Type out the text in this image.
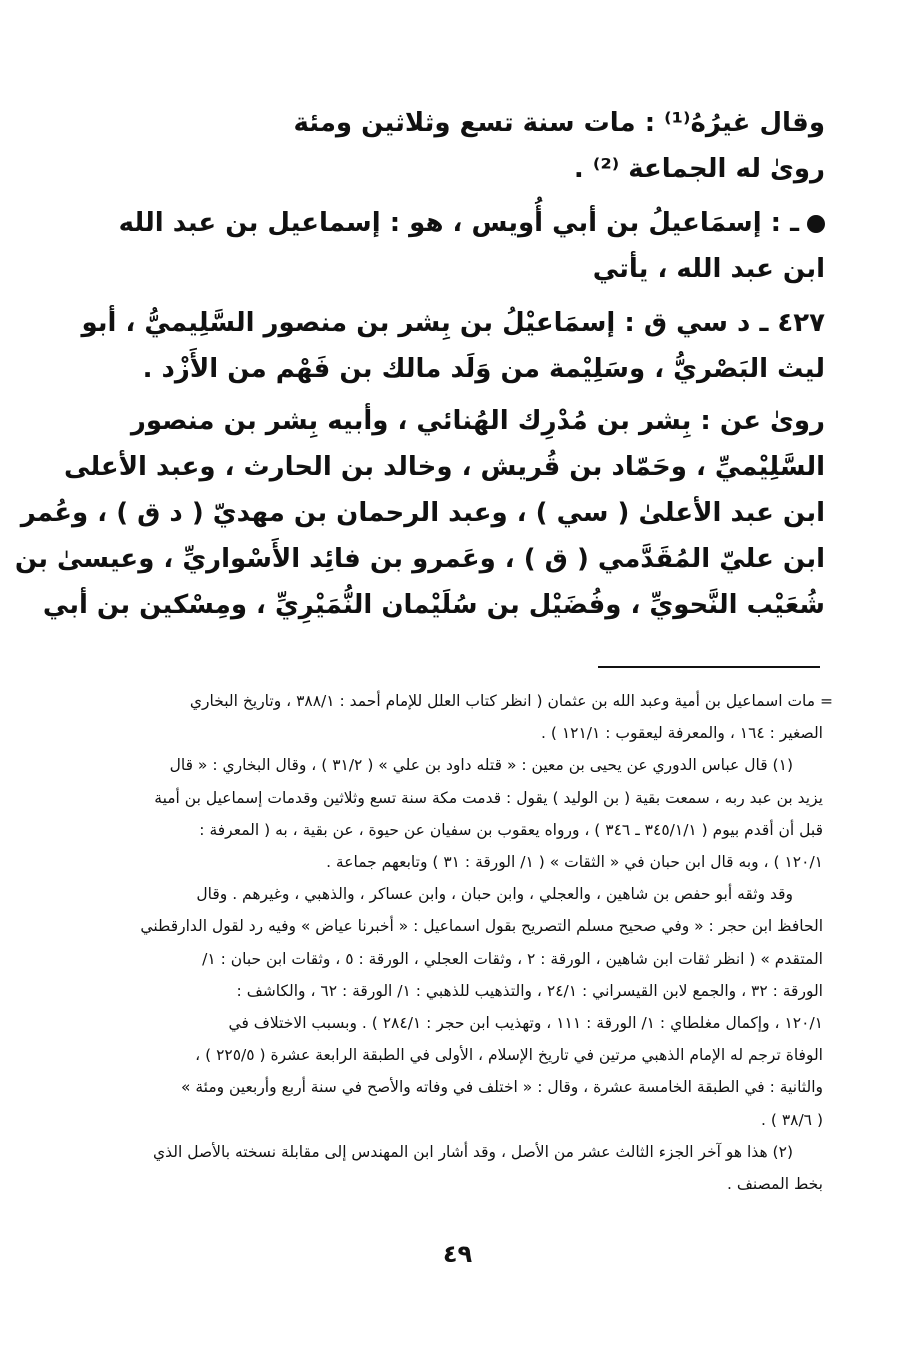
وقال غيرُهُ⁽¹⁾ : مات سنة تسع وثلاثين ومئة
روىٰ له الجماعة ⁽²⁾ .
ـ : إسمَاعيلُ بن أبي أُويس ، هو : إسماعيل بن عبد الله
ابن عبد الله ، يأتي
٤٢٧ ـ د سي ق : إسمَاعيْلُ بن بِشر بن منصور السَّلِيميُّ ، أبو
ليث البَصْريُّ ، وسَلِيْمة من وَلَد مالك بن فَهْم من الأَزْد .
روىٰ عن : بِشر بن مُدْرِك الهُنائي ، وأبيه بِشر بن منصور
السَّلِيْميِّ ، وحَمّاد بن قُريش ، وخالد بن الحارث ، وعبد الأعلى
ابن عبد الأعلىٰ ( سي ) ، وعبد الرحمان بن مهديّ ( د ق ) ، وعُمر
ابن عليّ المُقَدَّمي ( ق ) ، وعَمرو بن فائِد الأَسْواريِّ ، وعيسىٰ بن
شُعَيْب النَّحويِّ ، وفُضَيْل بن سُلَيْمان النُّمَيْرِيِّ ، ومِسْكين بن أبي
= مات اسماعيل بن أمية وعبد الله بن عثمان ( انظر كتاب العلل للإمام أحمد : ٣٨٨/١ ، وتاريخ البخاري
الصغير : ١٦٤ ، والمعرفة ليعقوب : ١٢١/١ ) .
(١) قال عباس الدوري عن يحيى بن معين : « قتله داود بن علي » ( ٣١/٢ ) ، وقال البخاري : « قال
يزيد بن عبد ربه ، سمعت بقية ( بن الوليد ) يقول : قدمت مكة سنة تسع وثلاثين وقدمات إسماعيل بن أمية
قبل أن أقدم بيوم ( ٣٤٥/١/١ ـ ٣٤٦ ) ، ورواه يعقوب بن سفيان عن حيوة ، عن بقية ، به ( المعرفة :
١٢٠/١ ) ، وبه قال ابن حبان في « الثقات » ( ١/ الورقة : ٣١ ) وتابعهم جماعة .
وقد وثقه أبو حفص بن شاهين ، والعجلي ، وابن حبان ، وابن عساكر ، والذهبي ، وغيرهم . وقال
الحافظ ابن حجر : « وفي صحيح مسلم التصريح بقول اسماعيل : « أخبرنا عياض » وفيه رد لقول الدارقطني
المتقدم » ( انظر ثقات ابن شاهين ، الورقة : ٢ ، وثقات العجلي ، الورقة : ٥ ، وثقات ابن حبان : ١/
الورقة : ٣٢ ، والجمع لابن القيسراني : ٢٤/١ ، والتذهيب للذهبي : ١/ الورقة : ٦٢ ، والكاشف :
١٢٠/١ ، وإكمال مغلطاي : ١/ الورقة : ١١١ ، وتهذيب ابن حجر : ٢٨٤/١ ) . وبسبب الاختلاف في
الوفاة ترجم له الإمام الذهبي مرتين في تاريخ الإسلام ، الأولى في الطبقة الرابعة عشرة ( ٢٢٥/٥ ) ،
والثانية : في الطبقة الخامسة عشرة ، وقال : « اختلف في وفاته والأصح في سنة أربع وأربعين ومئة »
( ٣٨/٦ ) .
(٢) هذا هو آخر الجزء الثالث عشر من الأصل ، وقد أشار ابن المهندس إلى مقابلة نسخته بالأصل الذي
بخط المصنف .
٤٩
